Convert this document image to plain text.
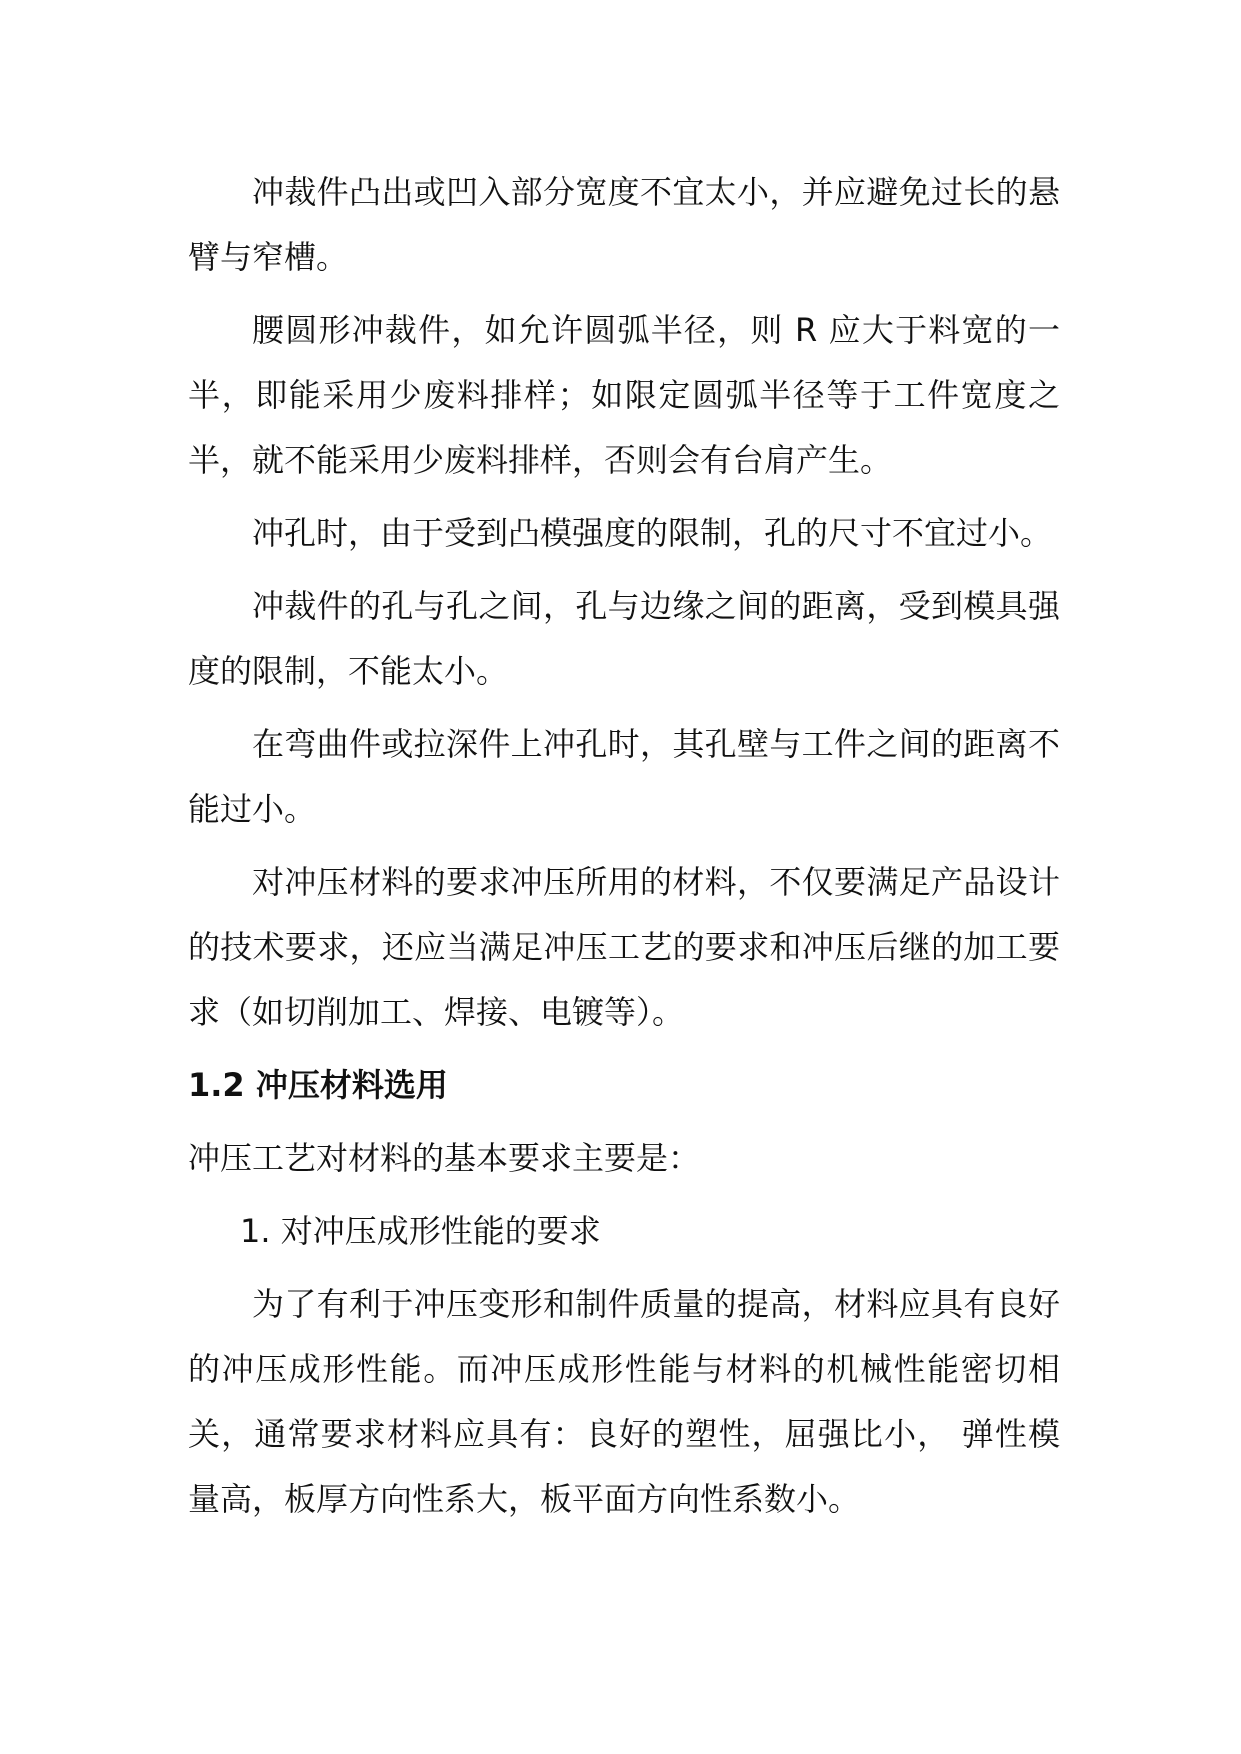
冲裁件凸出或凹入部分宽度不宜太小，并应避免过长的悬臂与窄槽。

腰圆形冲裁件，如允许圆弧半径，则 R 应大于料宽的一半，即能采用少废料排样；如限定圆弧半径等于工件宽度之半，就不能采用少废料排样，否则会有台肩产生。

冲孔时，由于受到凸模强度的限制，孔的尺寸不宜过小。

冲裁件的孔与孔之间，孔与边缘之间的距离，受到模具强度的限制，不能太小。

在弯曲件或拉深件上冲孔时，其孔壁与工件之间的距离不能过小。

对冲压材料的要求冲压所用的材料，不仅要满足产品设计的技术要求，还应当满足冲压工艺的要求和冲压后继的加工要求（如切削加工、焊接、电镀等）。

1.2 冲压材料选用

冲压工艺对材料的基本要求主要是：

1. 对冲压成形性能的要求

为了有利于冲压变形和制件质量的提高，材料应具有良好的冲压成形性能。而冲压成形性能与材料的机械性能密切相关，通常要求材料应具有：良好的塑性，屈强比小， 弹性模量高，板厚方向性系大，板平面方向性系数小。
